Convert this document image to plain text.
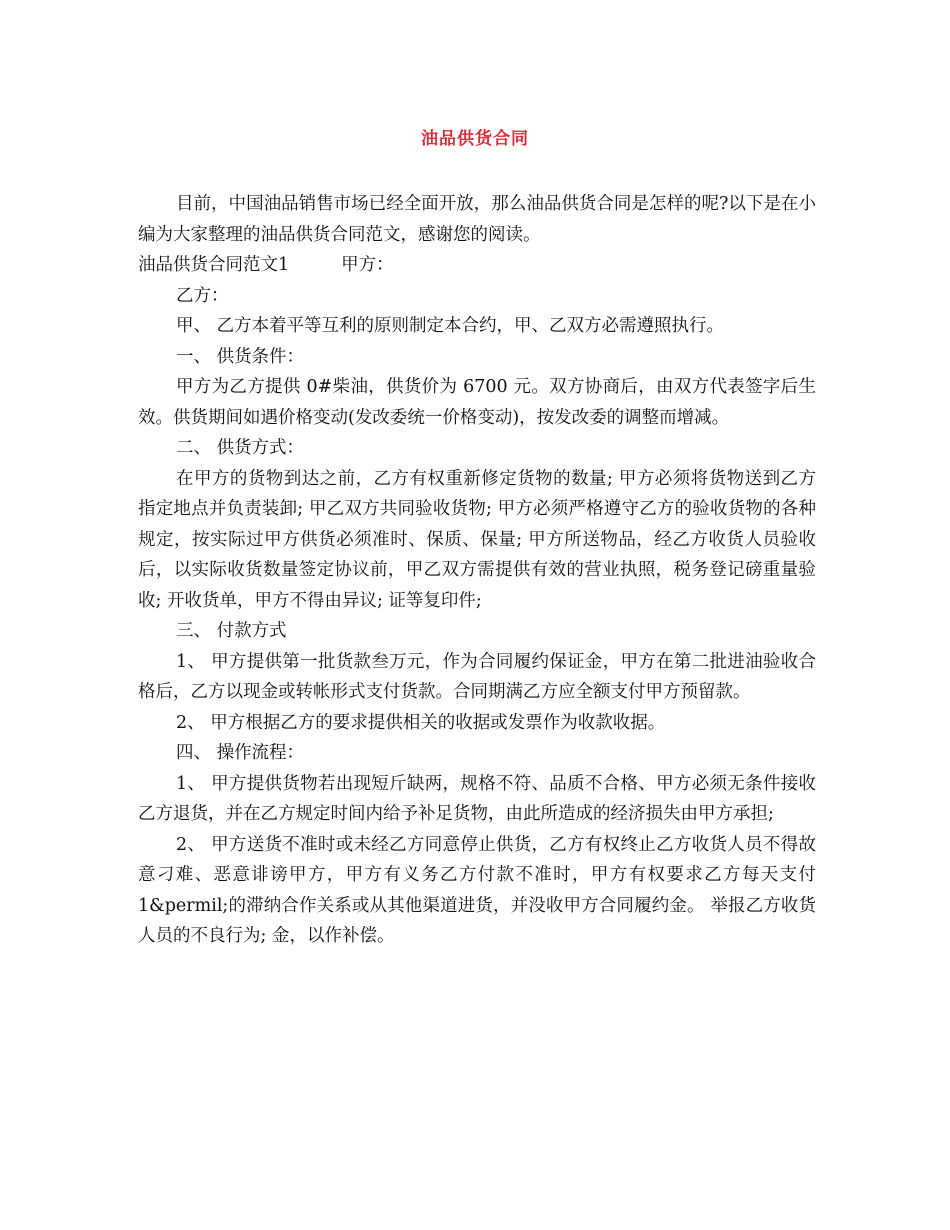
油品供货合同

目前，中国油品销售市场已经全面开放，那么油品供货合同是怎样的呢?以下是在小编为大家整理的油品供货合同范文，感谢您的阅读。

油品供货合同范文1	甲方：

乙方：

甲、 乙方本着平等互利的原则制定本合约，甲、乙双方必需遵照执行。

一、 供货条件：

甲方为乙方提供 0#柴油，供货价为 6700 元。双方协商后，由双方代表签字后生效。供货期间如遇价格变动(发改委统一价格变动)，按发改委的调整而增减。

二、 供货方式：

在甲方的货物到达之前，乙方有权重新修定货物的数量; 甲方必须将货物送到乙方指定地点并负责装卸; 甲乙双方共同验收货物; 甲方必须严格遵守乙方的验收货物的各种规定，按实际过甲方供货必须准时、保质、保量; 甲方所送物品，经乙方收货人员验收后，以实际收货数量签定协议前，甲乙双方需提供有效的营业执照，税务登记磅重量验收; 开收货单，甲方不得由异议; 证等复印件;

三、 付款方式

1、 甲方提供第一批货款叁万元，作为合同履约保证金，甲方在第二批进油验收合格后，乙方以现金或转帐形式支付货款。合同期满乙方应全额支付甲方预留款。

2、 甲方根据乙方的要求提供相关的收据或发票作为收款收据。

四、 操作流程：

1、 甲方提供货物若出现短斤缺两，规格不符、品质不合格、甲方必须无条件接收乙方退货，并在乙方规定时间内给予补足货物，由此所造成的经济损失由甲方承担;

2、 甲方送货不准时或未经乙方同意停止供货，乙方有权终止乙方收货人员不得故意刁难、恶意诽谤甲方，甲方有义务乙方付款不准时，甲方有权要求乙方每天支付 1&permil;的滞纳合作关系或从其他渠道进货，并没收甲方合同履约金。 举报乙方收货人员的不良行为; 金，以作补偿。
